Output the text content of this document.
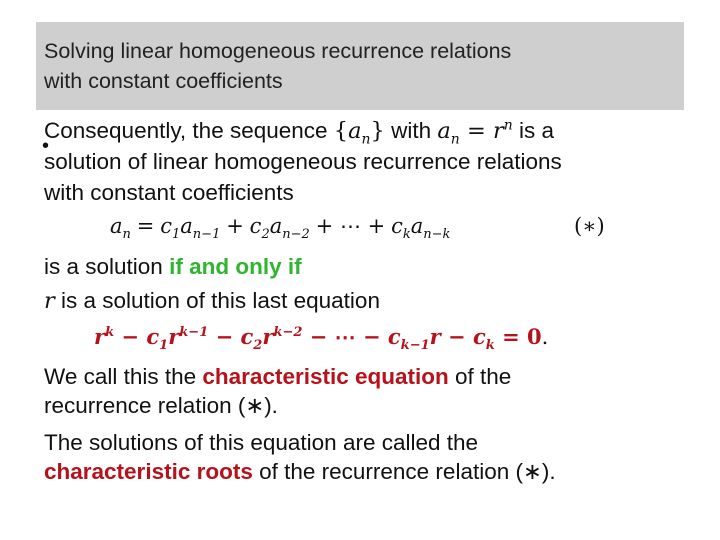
Solving linear homogeneous recurrence relations
with constant coefficients
•
Consequently, the sequence $\{a_n\}$ with $a_n = r^n$ is a
solution of linear homogeneous recurrence relations
with constant coefficients
$a_n = c_1a_{n-1} + c_2a_{n-2}$ + ⋯ + $c_ka_{n-k}$	(∗)
is a solution if and only if
r is a solution of this last equation
$r^k - c_1r^{k-1} - c_2r^{k-2}$ − ⋯ − $c_{k-1}r - c_k = 0$.
We call this the characteristic equation of the
recurrence relation (∗).
The solutions of this equation are called the
characteristic roots of the recurrence relation (∗).
